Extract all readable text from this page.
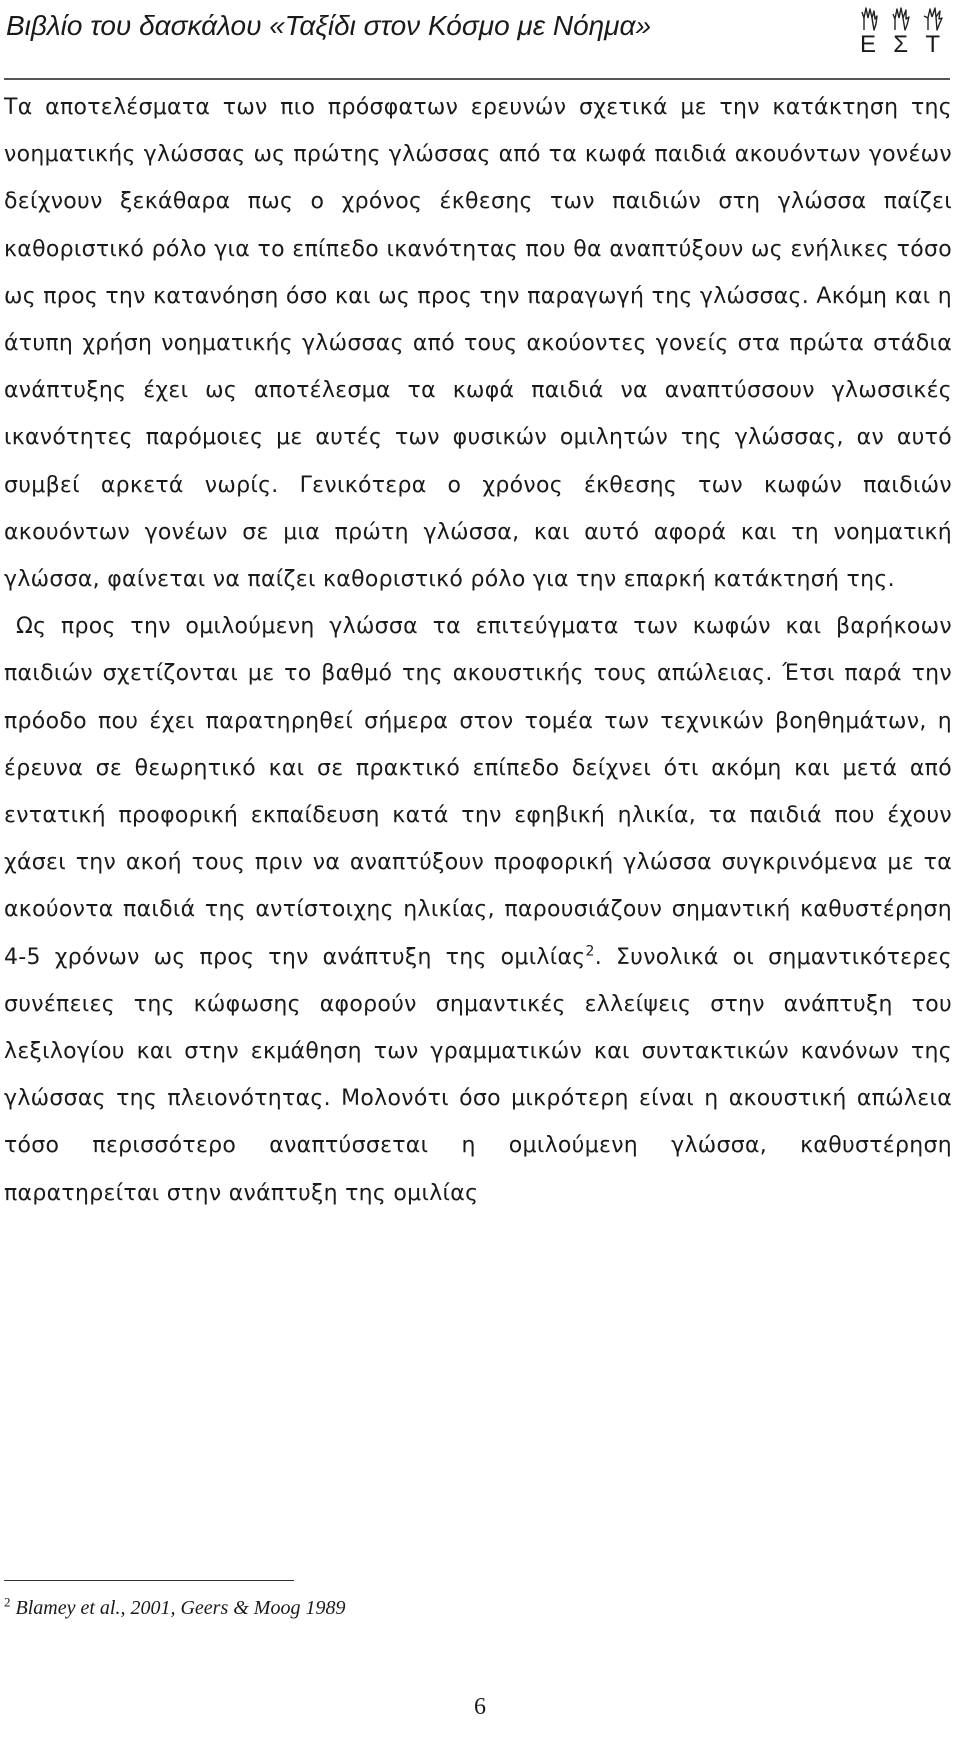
Βιβλίο του δασκάλου «Ταξίδι στον Κόσμο με Νόημα»
Ε Σ Τ

Τα αποτελέσματα των πιο πρόσφατων ερευνών σχετικά με την κατάκτηση της νοηματικής γλώσσας ως πρώτης γλώσσας από τα κωφά παιδιά ακουόντων γονέων δείχνουν ξεκάθαρα πως ο χρόνος έκθεσης των παιδιών στη γλώσσα παίζει καθοριστικό ρόλο για το επίπεδο ικανότητας που θα αναπτύξουν ως ενήλικες τόσο ως προς την κατανόηση όσο και ως προς την παραγωγή της γλώσσας. Ακόμη και η άτυπη χρήση νοηματικής γλώσσας από τους ακούοντες γονείς στα πρώτα στάδια ανάπτυξης έχει ως αποτέλεσμα τα κωφά παιδιά να αναπτύσσουν γλωσσικές ικανότητες παρόμοιες με αυτές των φυσικών ομιλητών της γλώσσας, αν αυτό συμβεί αρκετά νωρίς. Γενικότερα ο χρόνος έκθεσης των κωφών παιδιών ακουόντων γονέων σε μια πρώτη γλώσσα, και αυτό αφορά και τη νοηματική γλώσσα, φαίνεται να παίζει καθοριστικό ρόλο για την επαρκή κατάκτησή της.

Ως προς την ομιλούμενη γλώσσα τα επιτεύγματα των κωφών και βαρήκοων παιδιών σχετίζονται με το βαθμό της ακουστικής τους απώλειας. Έτσι παρά την πρόοδο που έχει παρατηρηθεί σήμερα στον τομέα των τεχνικών βοηθημάτων, η έρευνα σε θεωρητικό και σε πρακτικό επίπεδο δείχνει ότι ακόμη και μετά από εντατική προφορική εκπαίδευση κατά την εφηβική ηλικία, τα παιδιά που έχουν χάσει την ακοή τους πριν να αναπτύξουν προφορική γλώσσα συγκρινόμενα με τα ακούοντα παιδιά της αντίστοιχης ηλικίας, παρουσιάζουν σημαντική καθυστέρηση 4-5 χρόνων ως προς την ανάπτυξη της ομιλίας$^2$. Συνολικά οι σημαντικότερες συνέπειες της κώφωσης αφορούν σημαντικές ελλείψεις στην ανάπτυξη του λεξιλογίου και στην εκμάθηση των γραμματικών και συντακτικών κανόνων της γλώσσας της πλειονότητας. Μολονότι όσο μικρότερη είναι η ακουστική απώλεια τόσο περισσότερο αναπτύσσεται η ομιλούμενη γλώσσα, καθυστέρηση παρατηρείται στην ανάπτυξη της ομιλίας

$^2$ Blamey et al., 2001, Geers & Moog 1989
6
